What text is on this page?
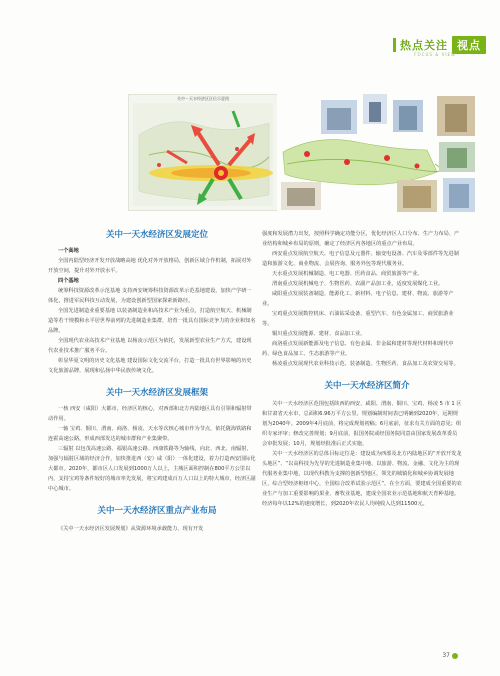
热点关注 视点
FOCUS & VIEW
关中－天水经济区区位示意图

关中一天水经济区发展定位

一个高地

全国内陆型经济开发开放战略高地 优化对外开放格局，创新区域合作机制，拓展对外开放空间，提升对外开放水平。

四个基地

统筹科技资源改革示范基地 支持西安统筹科技资源改革示范基地建设，加快产学研一体化，推进军民科技互动发展，为建设创新型国家探索新路径。

全国先进制造业重要基地 以装备制造业和高技术产业为重点，打造航空航天、机械制造等若干规模和水平居世界前列的先进制造业集群，培育一批具有国际竞争力的企业和知名品牌。

全国现代农业高技术产业基地 以杨凌示范区为依托，发展新型农业生产方式，建设现代农业技术推广服务平台。

彰显华夏文明的历史文化基地 建设国际文化交流平台，打造一批具有世界影响的历史文化旅游品牌，展现和弘扬中华民族传统文化。

关中一天水经济区发展框架

一核 西安（咸阳）大都市，经济区的核心，对西部和北方内陆地区具有引领和辐射带动作用。

一轴 宝鸡、铜川、渭南、商洛、杨凌、天水等次核心城市作为节点，依托陇海铁路和连霍高速公路，形成西部发达的城市群和产业集聚带。

三辐射 以包茂高速公路、福银高速公路、西康铁路等为轴线，向北、西北、南辐射，加强与辐射区域的经济合作，加快推进西（安）咸（阳）一体化建设，着力打造西安国际化大都市。2020年，都市区人口发展到1000万人以上，主城区面积控制在800平方公里以内，支持宝鸡等条件较好的城市率先发展，将宝鸡建成百万人口以上的特大城市，经济区副中心城市。

关中一天水经济区重点产业布局

《关中一天水经济区发展规划》从资源环境承载能力、现有开发

强度和发展潜力出发，按照科学确定功能分区，优化经济区人口分布、生产力布局、产业结构和城乡布局的原则，确定了经济区内各地区的重点产业布局。

西安重点发展航空航天、电子信息及元器件、输变电设备、汽车及零部件等先进制造和旅游文化、商业物流、会展咨询、服务外包等现代服务业。

天水重点发展机械制造、电工电器、医药食品、商贸旅游等产业。

渭南重点发展机械电子、生物医药、农副产品加工业，适度发展煤化工业。

咸阳重点发展装备制造、能源化工、新材料、电子信息、建材、物流、旅游等产业。

宝鸡重点发展数控机床、石油钻采设备、重型汽车、有色金属加工、商贸旅游业等。

铜川重点发展能源、建材、食品加工业。

商洛重点发展新能源及电子信息、有色金属、非金属和建材等现代材料和现代中药、绿色食品加工、生态旅游等产业。

杨凌重点发展现代农业科技示范、装备制造、生物医药、食品加工及农资交易等。

关中一天水经济区简介

关中一天水经济区范围包括陕西的西安、咸阳、渭南、铜川、宝鸡、杨凌 5 市 1 区和甘肃省天水市，总面积6.96万平方公里。规划编制时间表已明确到2020年，远期规划为2040年。2009年4月底前，将完成规划初稿；6月底前，征求有关方面的意见；组织专家评审；修改完善规划；9月底前，报国务院或经国务院同意由国家发展改革委员会审批发展；10月，规划经批准后正式实施。

关中一天水经济区的总体目标定位是：建设成为西部及北方内陆地区的“开放开发龙头地区”、“以高科技为先导的先进制造业集中地、以旅游、物流、金融、文化为主的现代服务业集中地，以现代科教为支撑的创新型地区，领先的城镇化和城乡协调发展地区，综合型经济枢纽中心，全国综合改革试验示范区”。在全方面，要建成全国重要的农业生产与加工重要影响的果业、畜牧业基地，建成全国农业示范基地和航天育种基地。经济每年以12%的速度增长，到2020年农民人均纯收入达到11500元。

37
